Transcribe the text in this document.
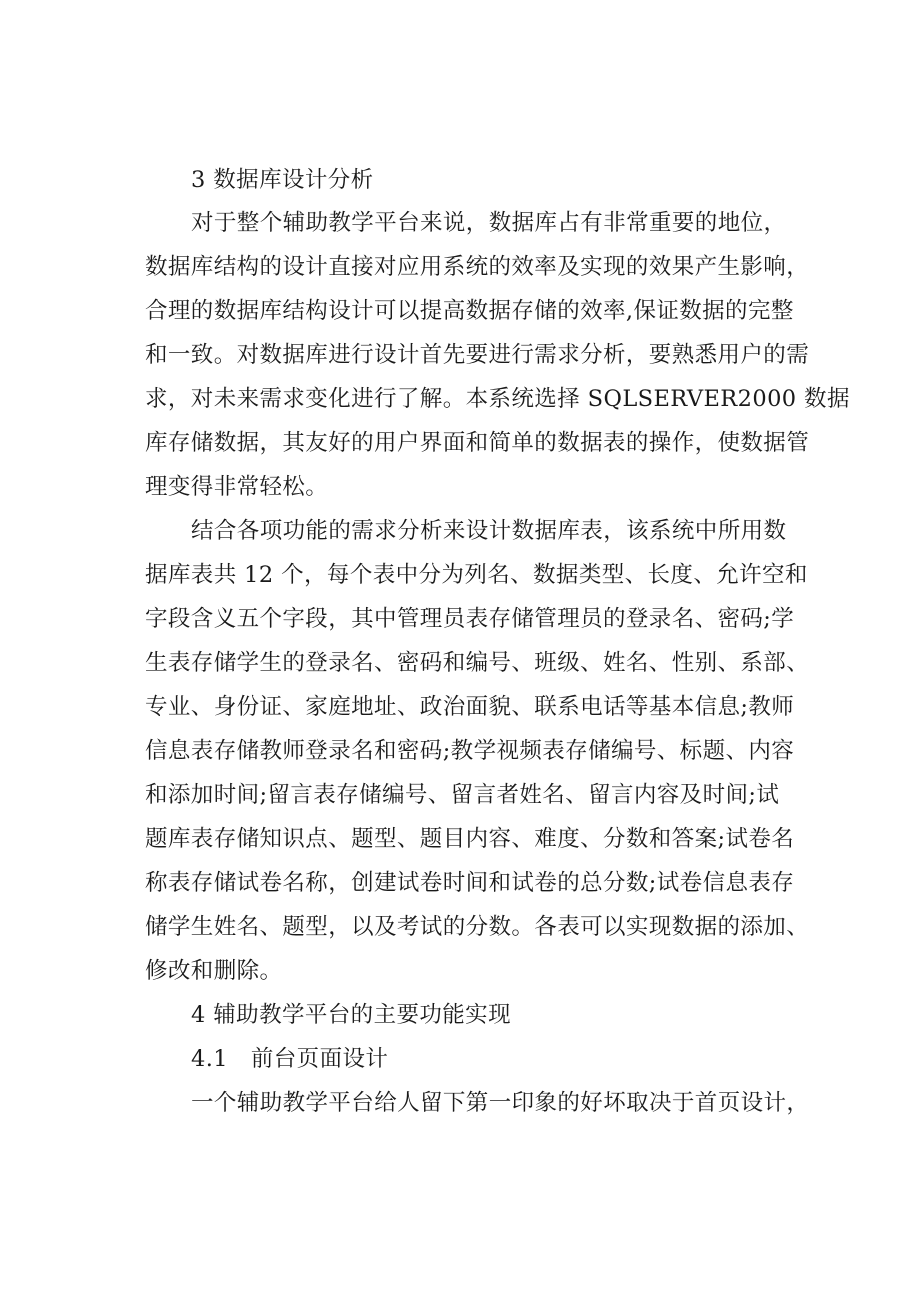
3 数据库设计分析
对于整个辅助教学平台来说，数据库占有非常重要的地位，
数据库结构的设计直接对应用系统的效率及实现的效果产生影响，
合理的数据库结构设计可以提高数据存储的效率,保证数据的完整
和一致。对数据库进行设计首先要进行需求分析，要熟悉用户的需
求，对未来需求变化进行了解。本系统选择 SQLSERVER2000 数据
库存储数据，其友好的用户界面和简单的数据表的操作，使数据管
理变得非常轻松。
结合各项功能的需求分析来设计数据库表，该系统中所用数
据库表共 12 个，每个表中分为列名、数据类型、长度、允许空和
字段含义五个字段，其中管理员表存储管理员的登录名、密码;学
生表存储学生的登录名、密码和编号、班级、姓名、性别、系部、
专业、身份证、家庭地址、政治面貌、联系电话等基本信息;教师
信息表存储教师登录名和密码;教学视频表存储编号、标题、内容
和添加时间;留言表存储编号、留言者姓名、留言内容及时间;试
题库表存储知识点、题型、题目内容、难度、分数和答案;试卷名
称表存储试卷名称，创建试卷时间和试卷的总分数;试卷信息表存
储学生姓名、题型，以及考试的分数。各表可以实现数据的添加、
修改和删除。
4 辅助教学平台的主要功能实现
4.1　前台页面设计
一个辅助教学平台给人留下第一印象的好坏取决于首页设计，
